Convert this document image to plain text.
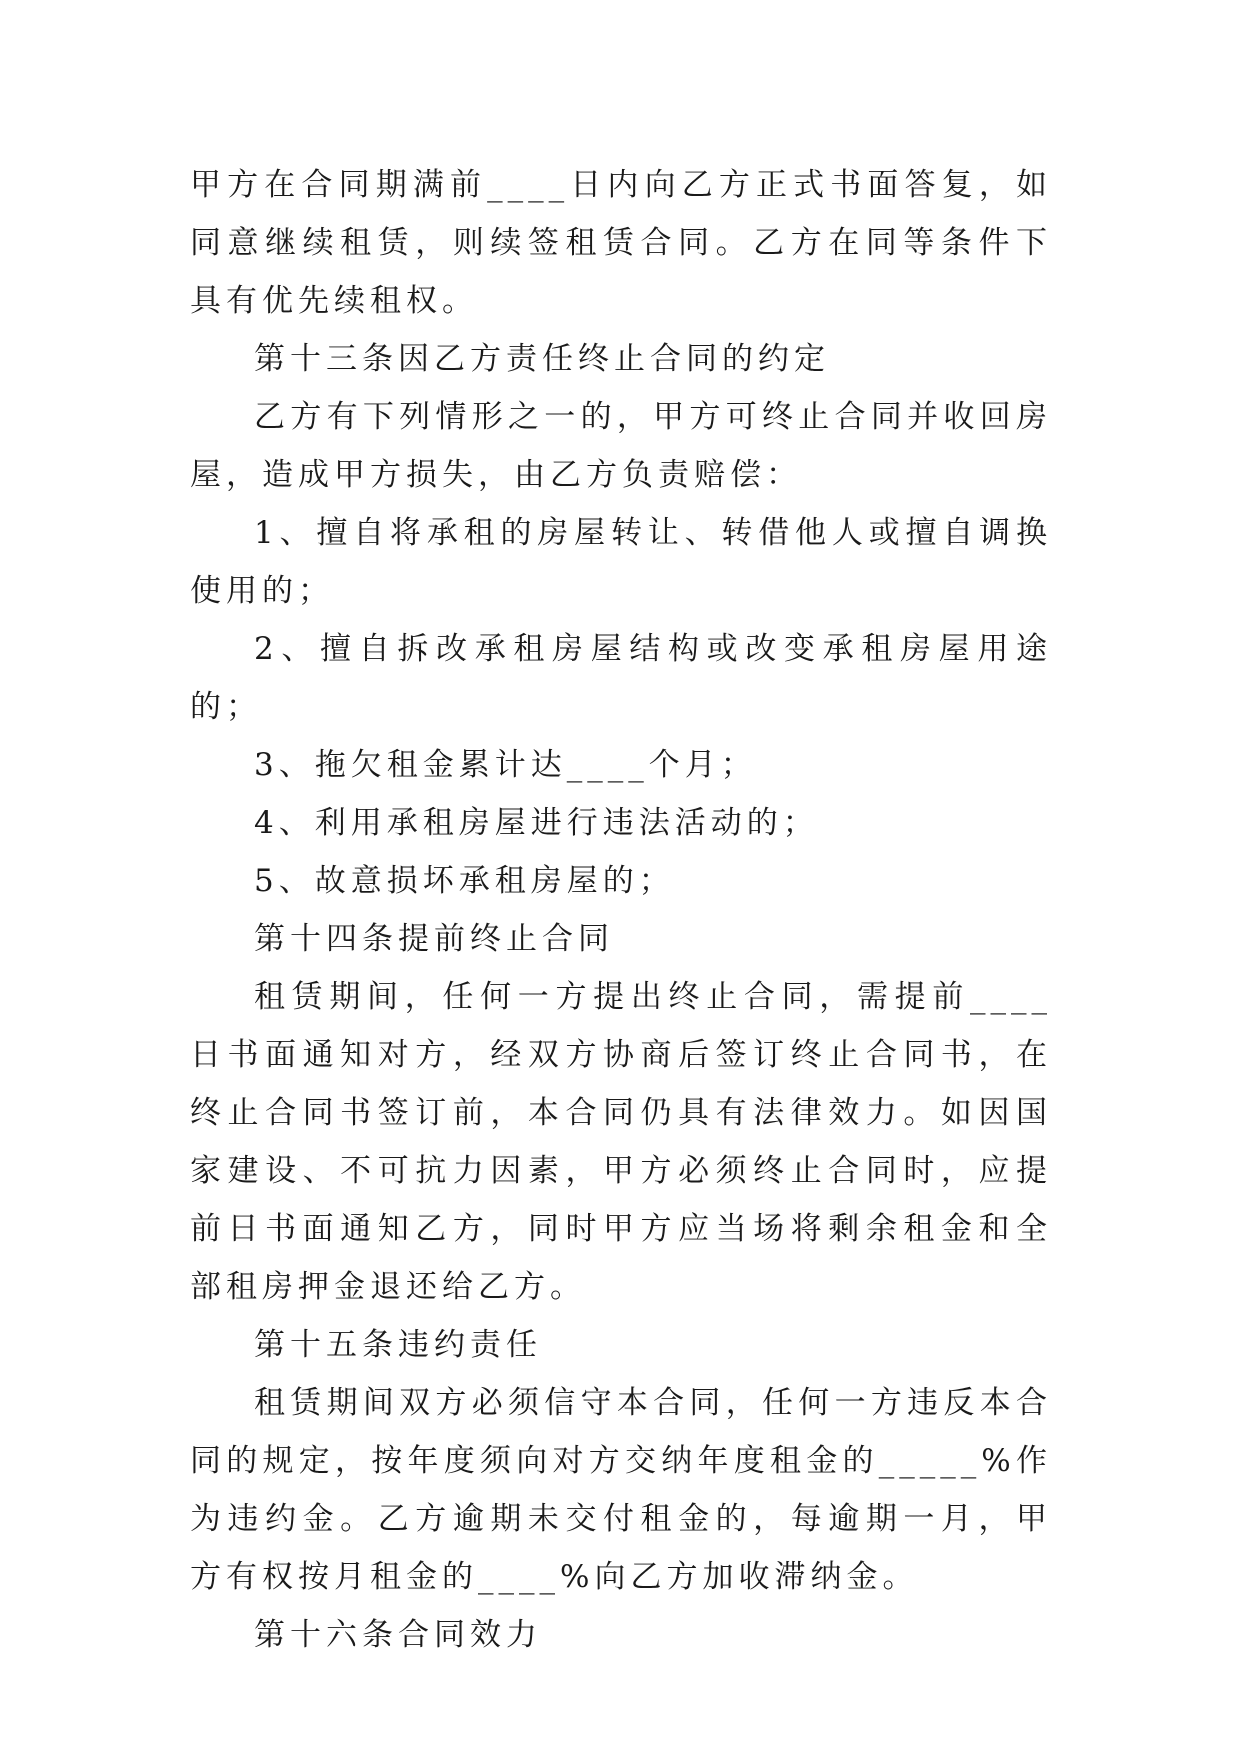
甲方在合同期满前____日内向乙方正式书面答复，如同意继续租赁，则续签租赁合同。乙方在同等条件下具有优先续租权。

第十三条因乙方责任终止合同的约定

乙方有下列情形之一的，甲方可终止合同并收回房屋，造成甲方损失，由乙方负责赔偿：

1、擅自将承租的房屋转让、转借他人或擅自调换使用的；

2、擅自拆改承租房屋结构或改变承租房屋用途的；

3、拖欠租金累计达____个月；

4、利用承租房屋进行违法活动的；

5、故意损坏承租房屋的；

第十四条提前终止合同

租赁期间，任何一方提出终止合同，需提前____日书面通知对方，经双方协商后签订终止合同书，在终止合同书签订前，本合同仍具有法律效力。如因国家建设、不可抗力因素，甲方必须终止合同时，应提前日书面通知乙方，同时甲方应当场将剩余租金和全部租房押金退还给乙方。

第十五条违约责任

租赁期间双方必须信守本合同，任何一方违反本合同的规定，按年度须向对方交纳年度租金的_____%作为违约金。乙方逾期未交付租金的，每逾期一月，甲方有权按月租金的____%向乙方加收滞纳金。

第十六条合同效力
